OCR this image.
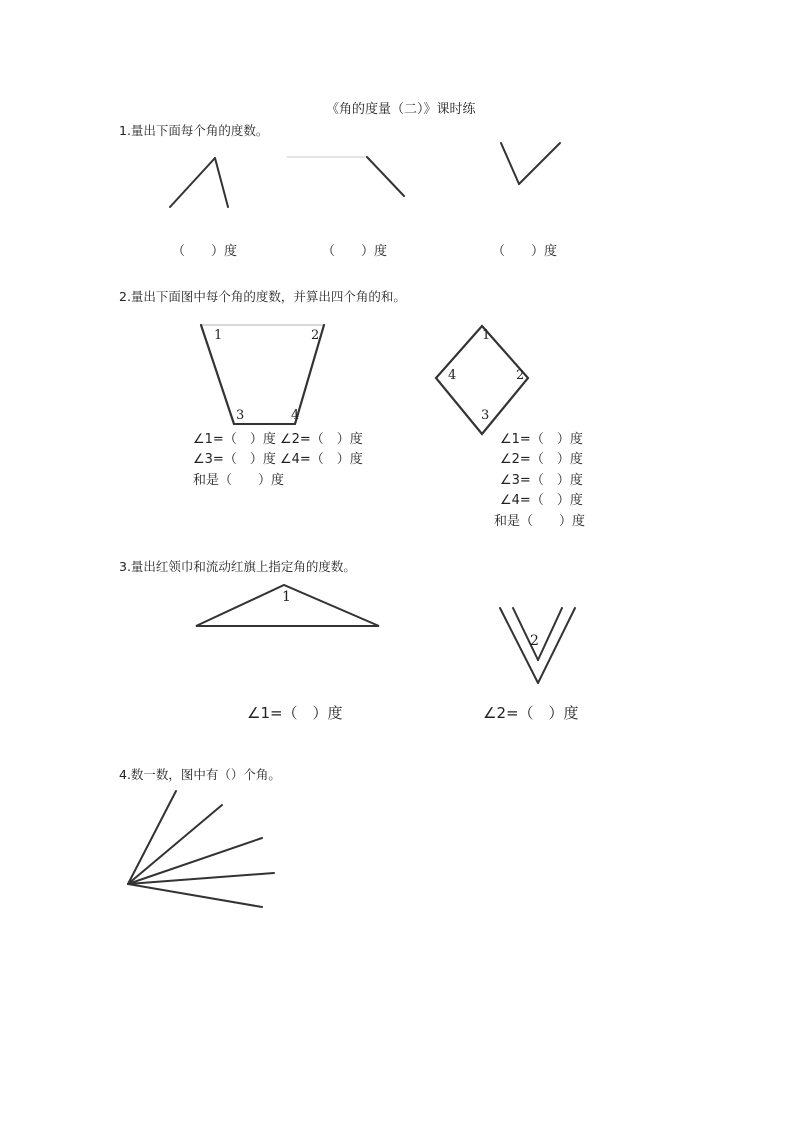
《角的度量（二）》课时练
1.量出下面每个角的度数。
（　　）度	（　　）度	（　　）度
2.量出下面图中每个角的度数，并算出四个角的和。
1	2
3	4
∠1=（　）度 ∠2=（　）度
∠3=（　）度 ∠4=（　）度
和是（　　）度
1
2
3
4
∠1=（　）度
∠2=（　）度
∠3=（　）度
∠4=（　）度
和是（　　）度
3.量出红领巾和流动红旗上指定角的度数。
1
2
∠1=（　）度	∠2=（　）度
4.数一数，图中有（）个角。
